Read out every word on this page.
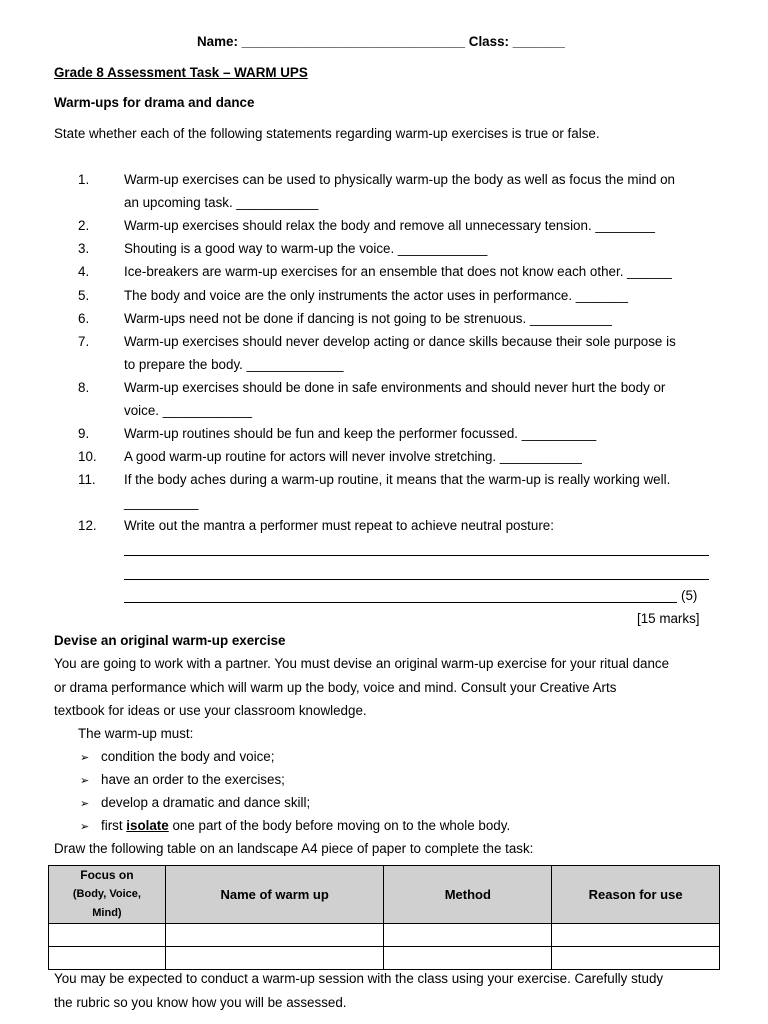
Name: ______________________________ Class: _______
Grade 8 Assessment Task – WARM UPS
Warm-ups for drama and dance
State whether each of the following statements regarding warm-up exercises is true or false.
1.	Warm-up exercises can be used to physically warm-up the body as well as focus the mind on
an upcoming task. ___________
2.	Warm-up exercises should relax the body and remove all unnecessary tension. ________
3.	Shouting is a good way to warm-up the voice. ____________
4.	Ice-breakers are warm-up exercises for an ensemble that does not know each other. ______
5.	The body and voice are the only instruments the actor uses in performance. _______
6.	Warm-ups need not be done if dancing is not going to be strenuous. ___________
7.	Warm-up exercises should never develop acting or dance skills because their sole purpose is
to prepare the body. _____________
8.	Warm-up exercises should be done in safe environments and should never hurt the body or
voice. ____________
9.	Warm-up routines should be fun and keep the performer focussed. __________
10. A good warm-up routine for actors will never involve stretching. ___________
11. If the body aches during a warm-up routine, it means that the warm-up is really working well.
__________
12. Write out the mantra a performer must repeat to achieve neutral posture:
(5)
[15 marks]
Devise an original warm-up exercise
You are going to work with a partner. You must devise an original warm-up exercise for your ritual dance
or drama performance which will warm up the body, voice and mind. Consult your Creative Arts
textbook for ideas or use your classroom knowledge.
The warm-up must:
➢ condition the body and voice;
➢ have an order to the exercises;
➢ develop a dramatic and dance skill;
➢ first isolate one part of the body before moving on to the whole body.
Draw the following table on an landscape A4 piece of paper to complete the task:
Focus on
(Body, Voice,
Mind)	Name of warm up	Method	Reason for use

You may be expected to conduct a warm-up session with the class using your exercise. Carefully study
the rubric so you know how you will be assessed.
